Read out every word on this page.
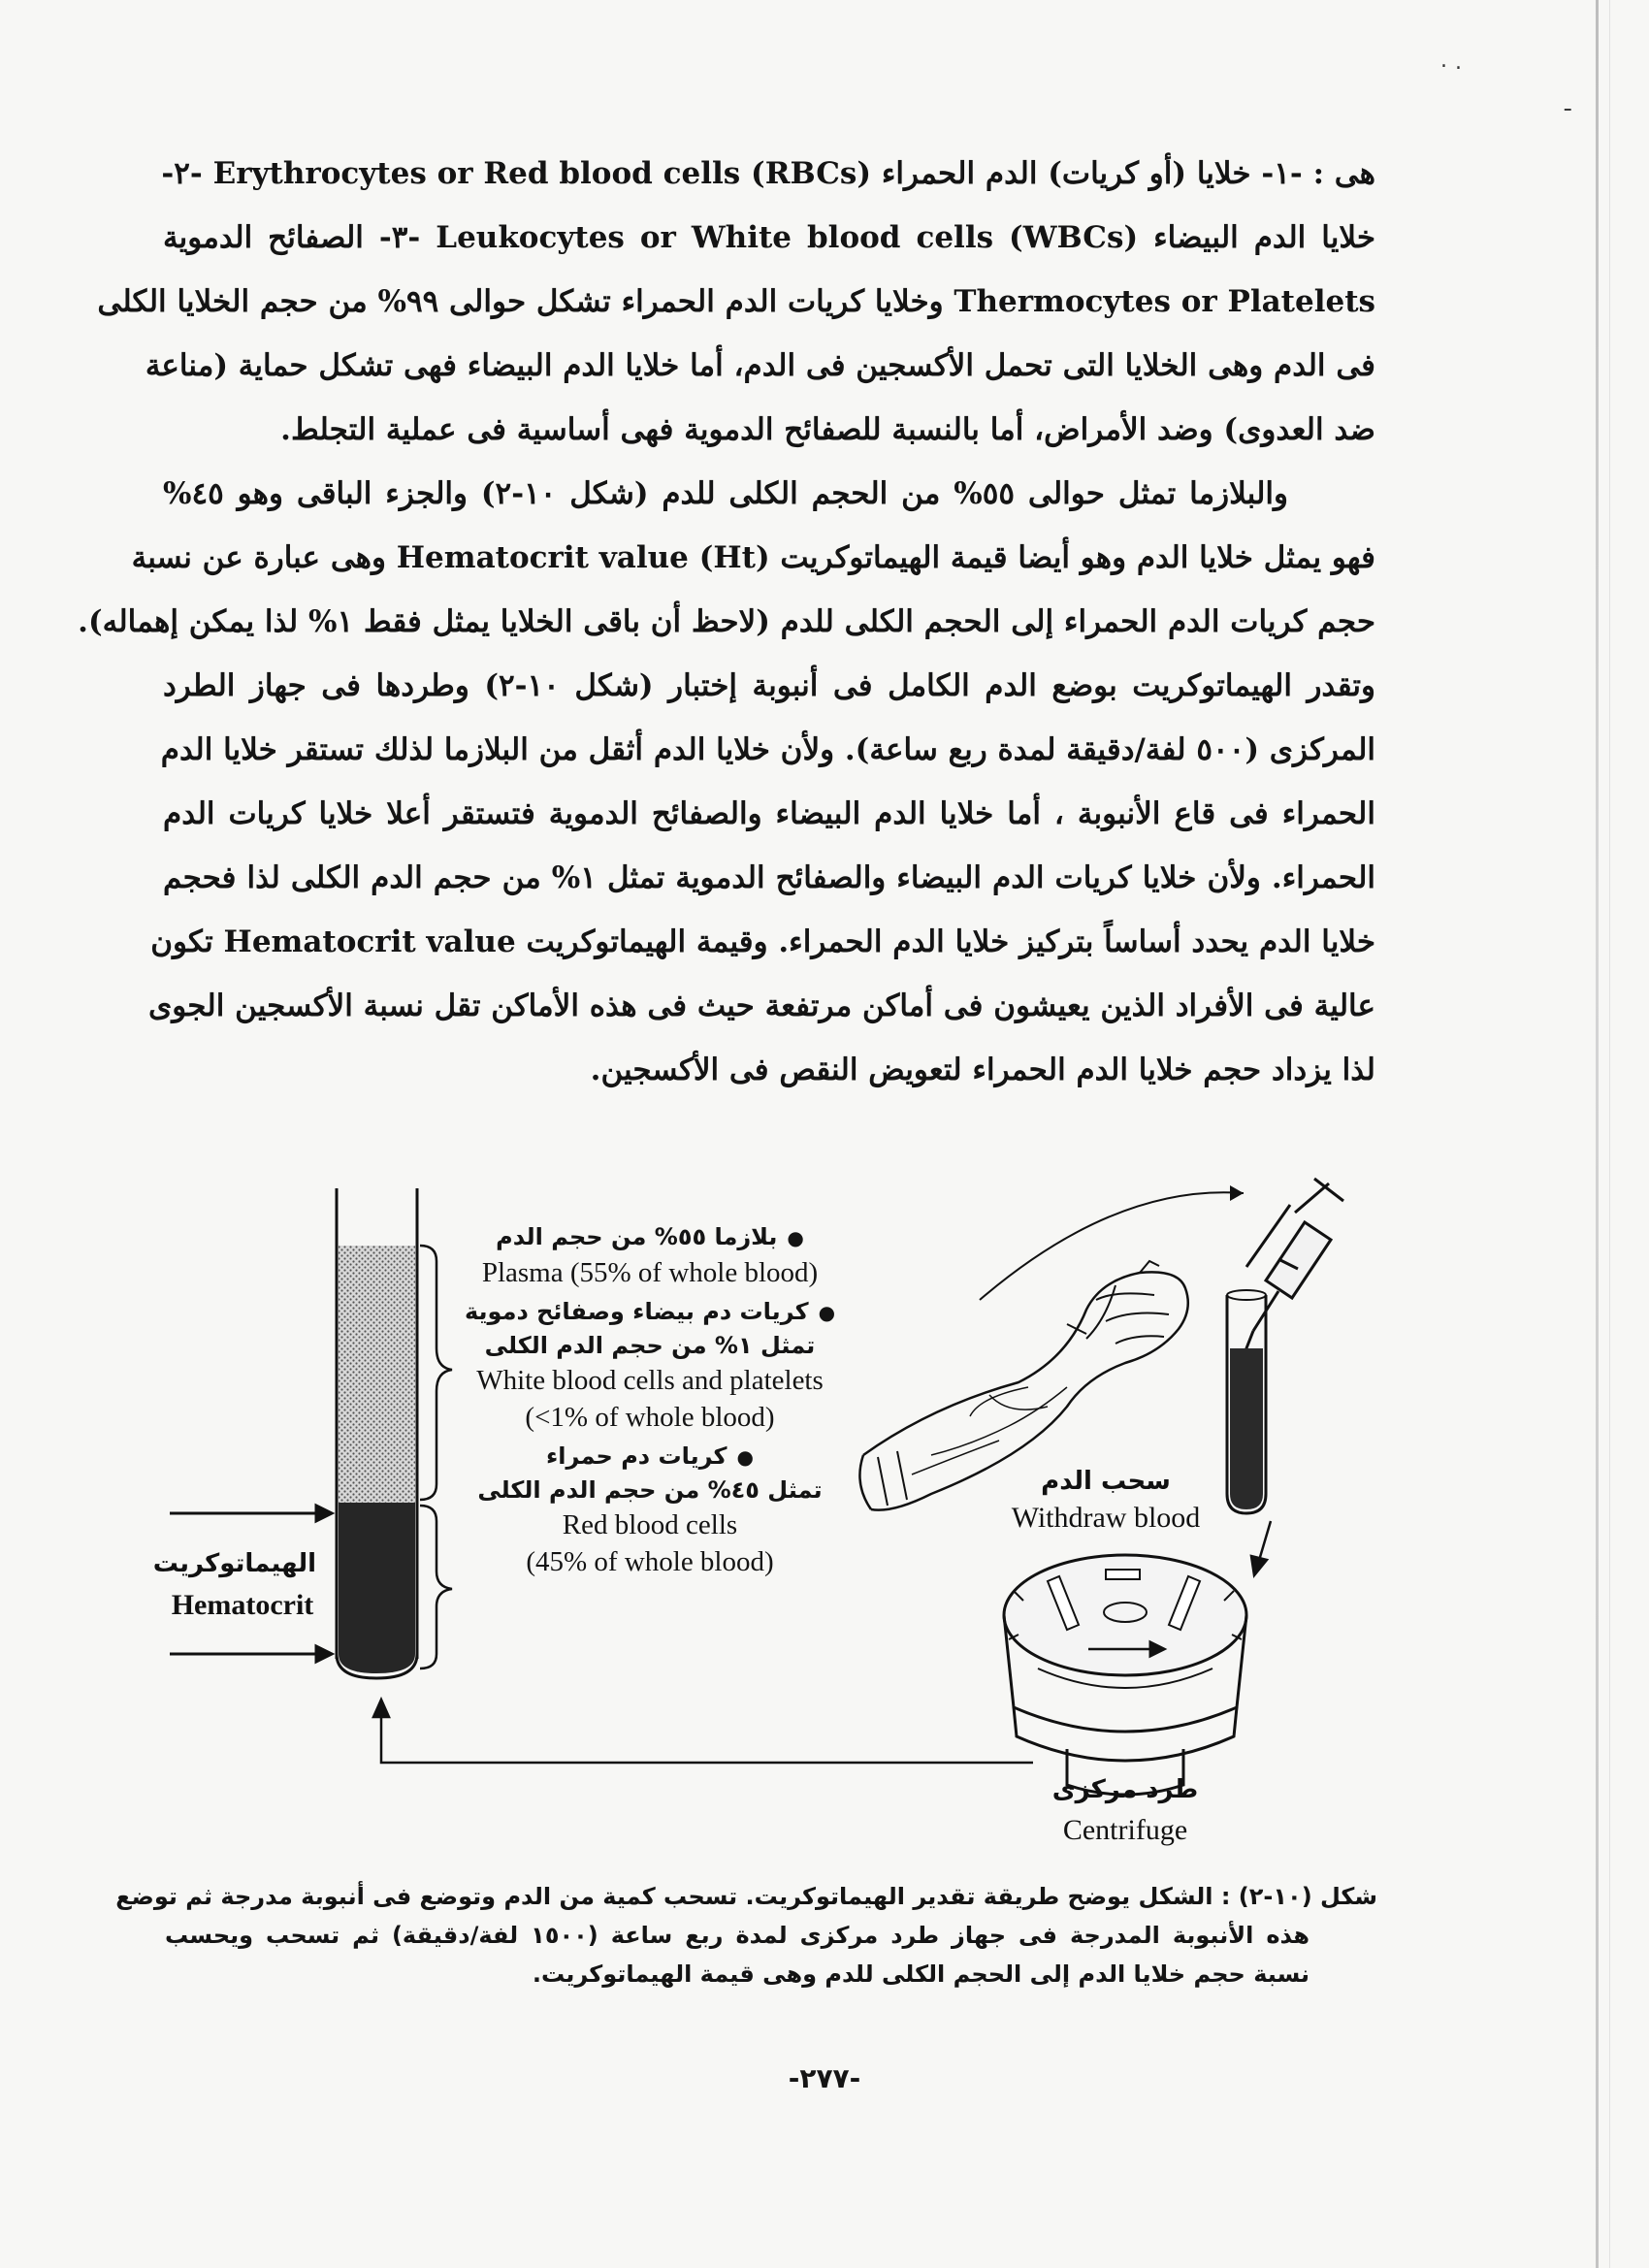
. .
ـ
هى : -١- خلايا (أو كريات) الدم الحمراء (RBCs) Erythrocytes or Red blood cells -٢-
خلايا الدم البيضاء (WBCs) Leukocytes or White blood cells -٣- الصفائح الدموية
Thermocytes or Platelets وخلايا كريات الدم الحمراء تشكل حوالى ٩٩% من حجم الخلايا الكلى
فى الدم وهى الخلايا التى تحمل الأكسجين فى الدم، أما خلايا الدم البيضاء فهى تشكل حماية (مناعة
ضد العدوى) وضد الأمراض، أما بالنسبة للصفائح الدموية فهى أساسية فى عملية التجلط.
والبلازما تمثل حوالى ٥٥% من الحجم الكلى للدم (شكل ١٠-٢) والجزء الباقى وهو ٤٥%
فهو يمثل خلايا الدم وهو أيضا قيمة الهيماتوكريت Hematocrit value (Ht) وهى عبارة عن نسبة
حجم كريات الدم الحمراء إلى الحجم الكلى للدم (لاحظ أن باقى الخلايا يمثل فقط ١% لذا يمكن إهماله).
وتقدر الهيماتوكريت بوضع الدم الكامل فى أنبوبة إختبار (شكل ١٠-٢) وطردها فى جهاز الطرد
المركزى (٥٠٠ لفة/دقيقة لمدة ربع ساعة). ولأن خلايا الدم أثقل من البلازما لذلك تستقر خلايا الدم
الحمراء فى قاع الأنبوبة ، أما خلايا الدم البيضاء والصفائح الدموية فتستقر أعلا خلايا كريات الدم
الحمراء. ولأن خلايا كريات الدم البيضاء والصفائح الدموية تمثل ١% من حجم الدم الكلى لذا فحجم
خلايا الدم يحدد أساساً بتركيز خلايا الدم الحمراء. وقيمة الهيماتوكريت Hematocrit value تكون
عالية فى الأفراد الذين يعيشون فى أماكن مرتفعة حيث فى هذه الأماكن تقل نسبة الأكسجين الجوى
لذا يزداد حجم خلايا الدم الحمراء لتعويض النقص فى الأكسجين.
●بلازما ٥٥% من حجم الدم
Plasma (55% of whole blood)
●كريات دم بيضاء وصفائح دموية
تمثل ١% من حجم الدم الكلى
White blood cells and platelets
(<1% of whole blood)
●كريات دم حمراء
تمثل ٤٥% من حجم الدم الكلى
Red blood cells
(45% of whole blood)
الهيماتوكريت
Hematocrit
سحب الدم
Withdraw blood
طرد مركزى
Centrifuge
شكل (١٠-٢) : الشكل يوضح طريقة تقدير الهيماتوكريت. تسحب كمية من الدم وتوضع فى أنبوبة مدرجة ثم توضع
هذه الأنبوبة المدرجة فى جهاز طرد مركزى لمدة ربع ساعة (١٥٠٠ لفة/دقيقة) ثم تسحب ويحسب
نسبة حجم خلايا الدم إلى الحجم الكلى للدم وهى قيمة الهيماتوكريت.
-٢٧٧-
